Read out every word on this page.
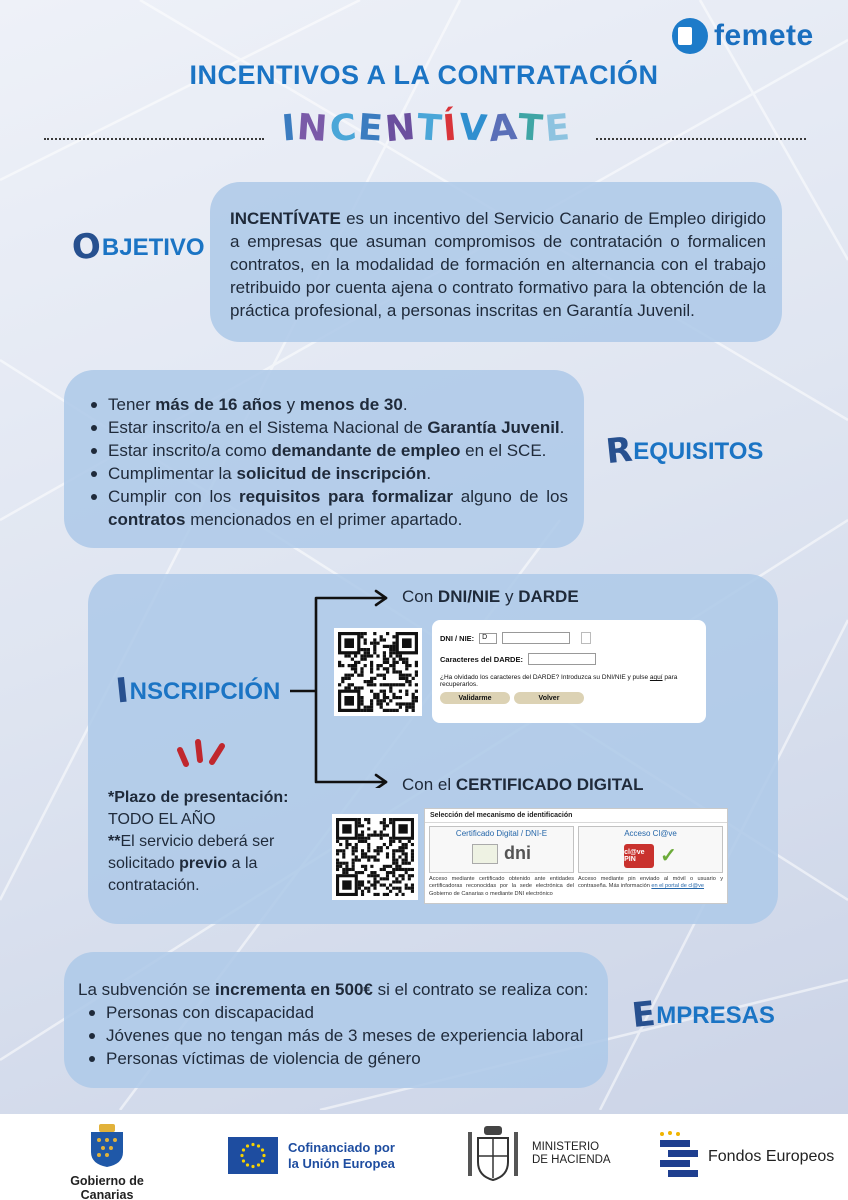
femete
INCENTIVOS A LA CONTRATACIÓN
I
N
C
E
N
T
Í
V
A
T
E
O
BJETIVO

INCENTÍVATE es un incentivo del Servicio Canario de Empleo dirigido a empresas que asuman compromisos de contratación o formalicen contratos, en la modalidad de formación en alternancia con el trabajo retribuido por cuenta ajena o contrato formativo para la obtención de la práctica profesional, a personas inscritas en Garantía Juvenil.

Tener más de 16 años y menos de 30.
Estar inscrito/a en el Sistema Nacional de Garantía Juvenil.
Estar inscrito/a como demandante de empleo en el SCE.
Cumplimentar la solicitud de inscripción.
Cumplir con los requisitos para formalizar alguno de los contratos mencionados en el primer apartado.
R
EQUISITOS
I
NSCRIPCIÓN

Con DNI/NIE y DARDE

Con el CERTIFICADO DIGITAL

DNI / NIE:	D
Caracteres del DARDE:
¿Ha olvidado los caracteres del DARDE? Introduzca su DNI/NIE y pulse aquí para recuperarlos.
Validarme	Volver
Selección del mecanismo de identificación
Certificado Digital / DNI-E
dni
Acceso mediante certificado obtenido ante entidades certificadoras reconocidas por la sede electrónica del Gobierno de Canarias o mediante DNI electrónico
Acceso Cl@ve
cl@ve PIN	✓
Acceso mediante pin enviado al móvil o usuario y contraseña. Más información en el portal de cl@ve
*Plazo de presentación:
TODO EL AÑO
**El servicio deberá ser solicitado previo a la contratación.

La subvención se incrementa en 500€ si el contrato se realiza con:

Personas con discapacidad
Jóvenes que no tengan más de 3 meses de experiencia laboral
Personas víctimas de violencia de género
E
MPRESAS
Gobierno de Canarias
Cofinanciado por
la Unión Europea
MINISTERIO
DE HACIENDA	Fondos Europeos
